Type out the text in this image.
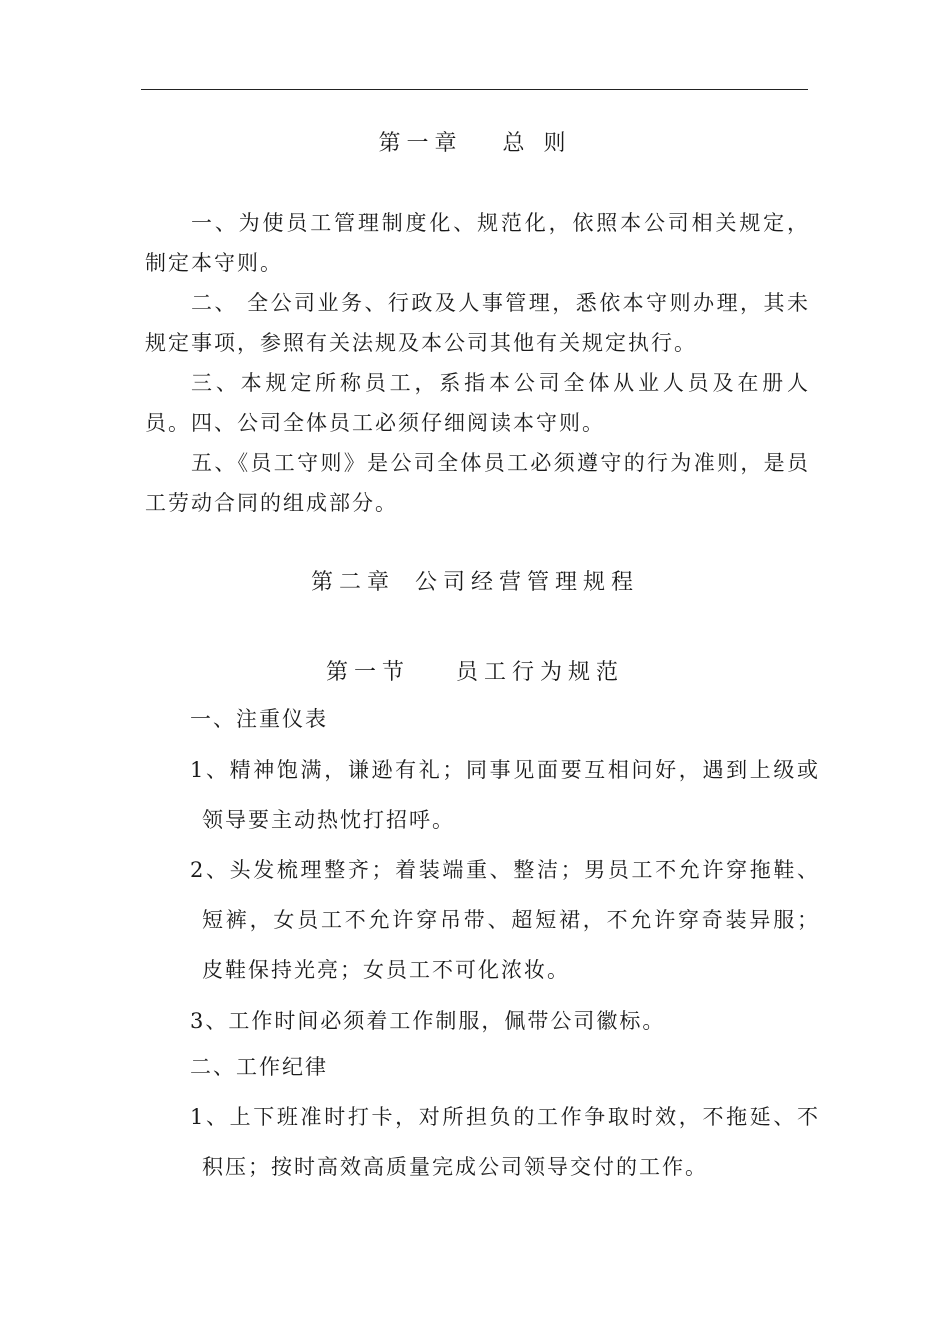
第一章 总 则

一、为使员工管理制度化、规范化，依照本公司相关规定，制定本守则。

二、 全公司业务、行政及人事管理，悉依本守则办理，其未规定事项，参照有关法规及本公司其他有关规定执行。

三、本规定所称员工，系指本公司全体从业人员及在册人员。 四、公司全体员工必须仔细阅读本守则。

五、《员工守则》是公司全体员工必须遵守的行为准则，是员工劳动合同的组成部分。

第二章 公司经营管理规程
第一节 员工行为规范

一、注重仪表

1、精神饱满，谦逊有礼；同事见面要互相问好，遇到上级或领导要主动热忱打招呼。

2、头发梳理整齐；着装端重、整洁；男员工不允许穿拖鞋、短裤，女员工不允许穿吊带、超短裙，不允许穿奇装异服；皮鞋保持光亮；女员工不可化浓妆。

3、工作时间必须着工作制服，佩带公司徽标。

二、工作纪律

1、上下班准时打卡，对所担负的工作争取时效，不拖延、不积压；按时高效高质量完成公司领导交付的工作。
